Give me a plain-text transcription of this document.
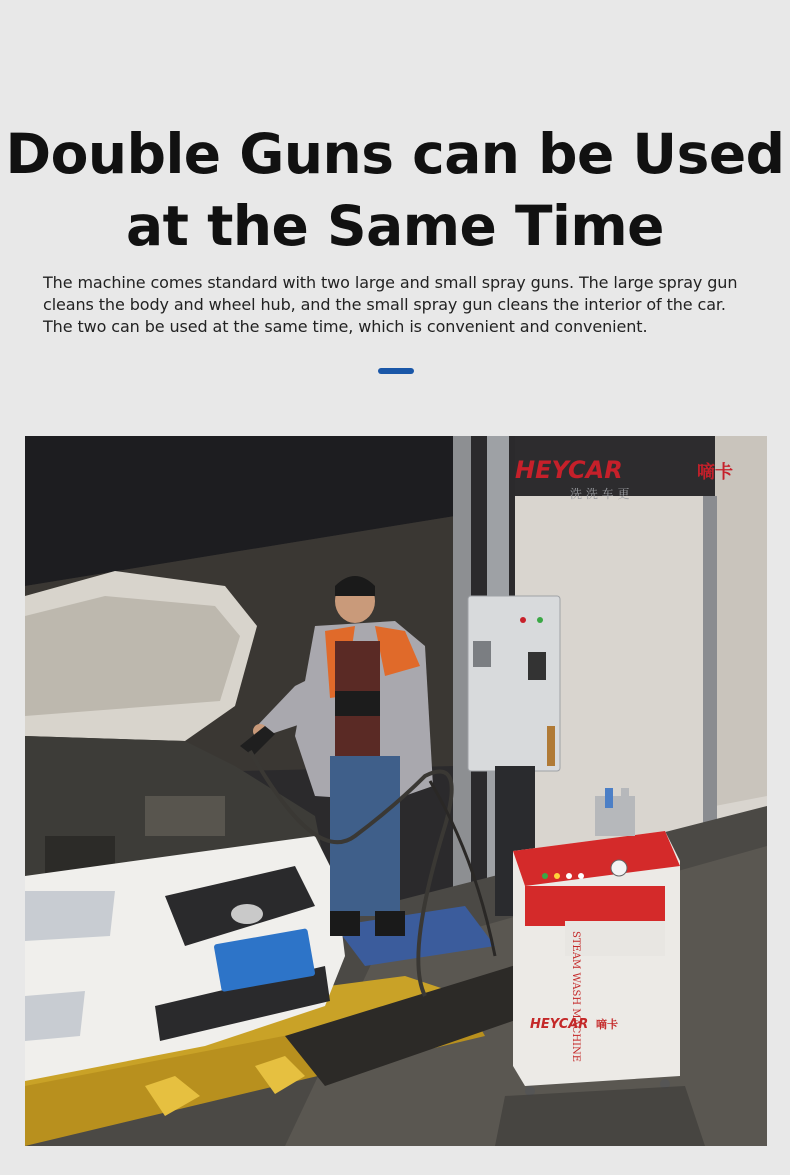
Double Guns can be Used
at the Same Time

The machine comes standard with two large and small spray guns. The large spray gun cleans the body and wheel hub, and the small spray gun cleans the interior of the car. The two can be used at the same time, which is convenient and convenient.

HEYCAR	嘀卡
洗 洗 车 更
STEAM WASH MACHINE
HEYCAR 嘀卡
